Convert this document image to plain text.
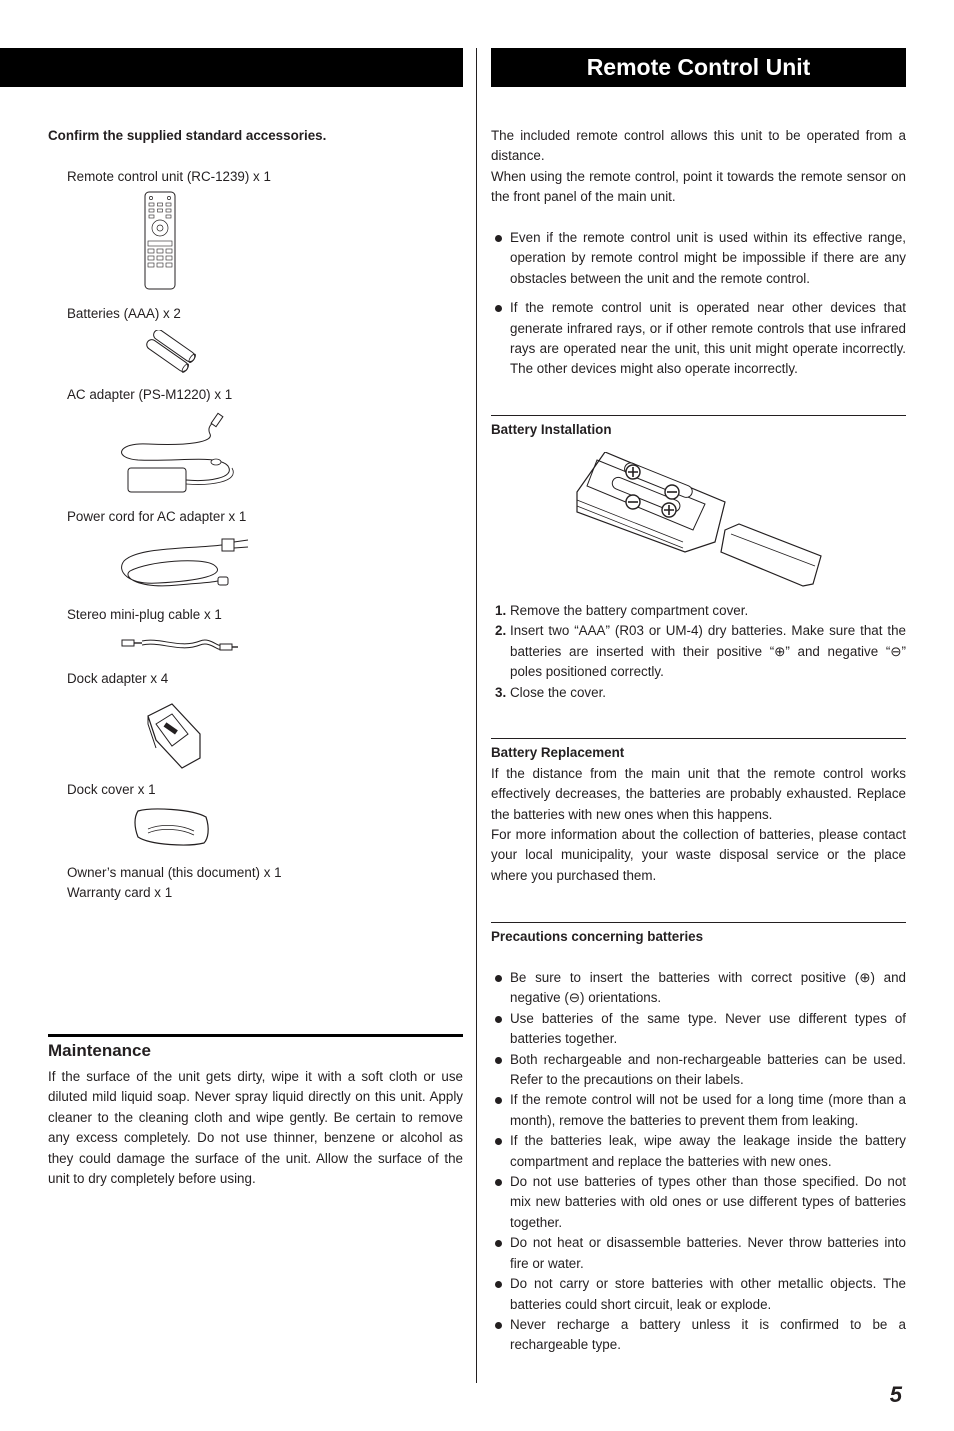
Remote Control Unit
Confirm the supplied standard accessories.
Remote control unit (RC-1239) x 1
Batteries (AAA) x 2
AC adapter (PS-M1220) x 1
Power cord for AC adapter x 1
Stereo mini-plug cable x 1
Dock adapter x 4
Dock cover x 1
Owner’s manual (this document) x 1
Warranty card x 1
Maintenance
If the surface of the unit gets dirty, wipe it with a soft cloth or use diluted mild liquid soap. Never spray liquid directly on this unit. Apply cleaner to the cleaning cloth and wipe gently. Be certain to remove any excess completely. Do not use thinner, benzene or alcohol as they could damage the surface of the unit. Allow the surface of the unit to dry completely before using.
The included remote control allows this unit to be operated from a distance.
When using the remote control, point it towards the remote sensor on the front panel of the main unit.
Even if the remote control unit is used within its effective range, operation by remote control might be impossible if there are any obstacles between the unit and the remote control.
If the remote control unit is operated near other devices that generate infrared rays, or if other remote controls that use infrared rays are operated near the unit, this unit might operate incorrectly. The other devices might also operate incorrectly.
Battery Installation
1. Remove the battery compartment cover.
2. Insert two “AAA” (R03 or UM-4) dry batteries. Make sure that the batteries are inserted with their positive “⊕” and negative “⊖” poles positioned correctly.
3. Close the cover.
Battery Replacement
If the distance from the main unit that the remote control works effectively decreases, the batteries are probably exhausted. Replace the batteries with new ones when this happens.
For more information about the collection of batteries, please contact your local municipality, your waste disposal service or the place where you purchased them.
Precautions concerning batteries
Be sure to insert the batteries with correct positive (⊕) and negative (⊖) orientations.
Use batteries of the same type. Never use different types of batteries together.
Both rechargeable and non-rechargeable batteries can be used. Refer to the precautions on their labels.
If the remote control will not be used for a long time (more than a month), remove the batteries to prevent them from leaking.
If the batteries leak, wipe away the leakage inside the battery compartment and replace the batteries with new ones.
Do not use batteries of types other than those specified. Do not mix new batteries with old ones or use different types of batteries together.
Do not heat or disassemble batteries. Never throw batteries into fire or water.
Do not carry or store batteries with other metallic objects. The batteries could short circuit, leak or explode.
Never recharge a battery unless it is confirmed to be a rechargeable type.
5
